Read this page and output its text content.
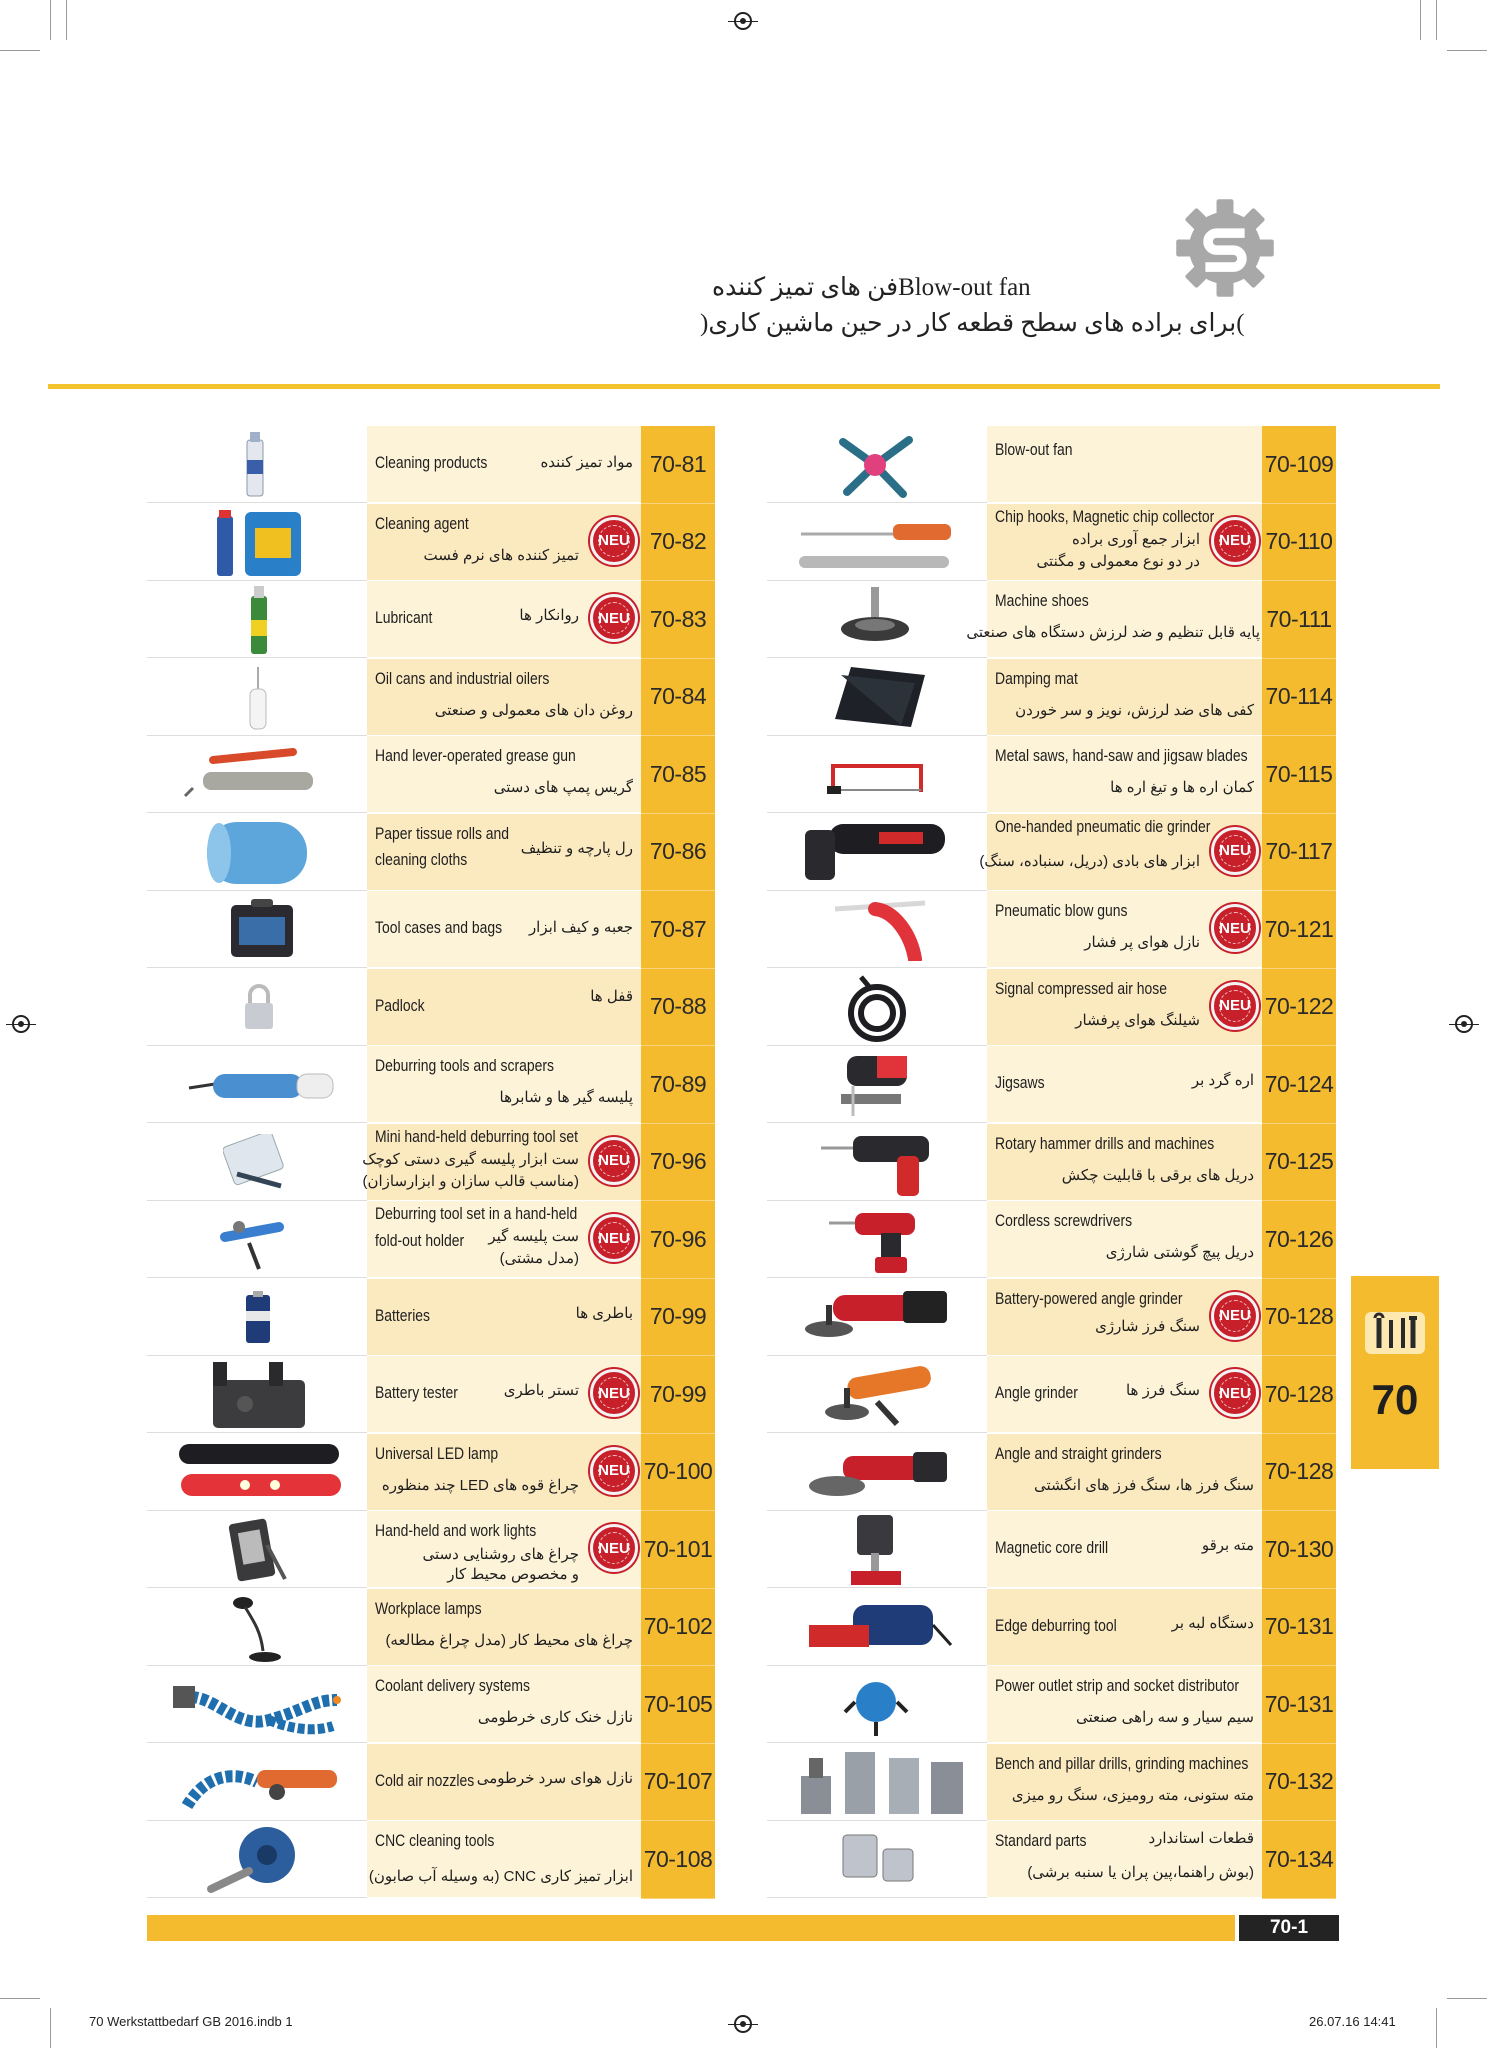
فن های تمیز کنندهBlow-out fan
)برای براده های سطح قطعه کار در حین ماشین کاری(
Cleaning products	مواد تمیز کننده 70-81
Cleaning agent
تمیز کننده های نرم فست
NEU 70-82
Lubricant	روانکار ها	NEU 70-83
Oil cans and industrial oilers
روغن دان های معمولی و صنعتی
70-84
Hand lever-operated grease gun
گریس پمپ های دستی
70-85
Paper tissue rolls and
cleaning cloths
رل پارچه و تنظیف 70-86
Tool cases and bags جعبه و کیف ابزار 70-87
Padlock	قفل ها 70-88
Deburring tools and scrapers
پلیسه گیر ها و شابرها
70-89
Mini hand-held deburring tool set
ست ابزار پلیسه گیری دستی کوچک
(مناسب قالب سازان و ابزارسازان)
NEU 70-96
Deburring tool set in a hand-held
fold-out holder ست پلیسه گیر
(مدل مشتی)
NEU 70-96
Batteries	باطری ها 70-99
Battery tester	تستر باطری	NEU 70-99
Universal LED lamp
چراغ قوه های LED چند منظوره
NEU 70-100
Hand-held and work lights
چراغ های روشنایی دستی
و مخصوص محیط کار
NEU 70-101
Workplace lamps
چراغ های محیط کار (مدل چراغ مطالعه)
70-102
Coolant delivery systems
نازل خنک کاری خرطومی
70-105
Cold air nozzles نازل هوای سرد خرطومی 70-107
CNC cleaning tools
ابزار تمیز کاری CNC (به وسیله آب صابون)
70-108
Blow-out fan
70-109
Chip hooks, Magnetic chip collector
ابزار جمع آوری براده
در دو نوع معمولی و مگنتی
NEU 70-110
Machine shoes
پایه قابل تنظیم و ضد لرزش دستگاه های صنعتی
70-111
Damping mat
کفی های ضد لرزش، نویز و سر خوردن
70-114
Metal saws, hand-saw and jigsaw blades
کمان اره ها و تیغ اره ها
70-115
One-handed pneumatic die grinder
ابزار های بادی (دریل، سنباده، سنگ)
NEU 70-117
Pneumatic blow guns
نازل هوای پر فشار
NEU 70-121
Signal compressed air hose
شیلنگ هوای پرفشار
NEU 70-122
Jigsaws	اره گرد بر 70-124
Rotary hammer drills and machines
دریل های برقی با قابلیت چکش
70-125
Cordless screwdrivers
دریل پیچ گوشتی شارژی
70-126
Battery-powered angle grinder
سنگ فرز شارژی
NEU 70-128
Angle grinder	سنگ فرز ها	NEU 70-128
Angle and straight grinders
سنگ فرز ها، سنگ فرز های انگشتی
70-128
Magnetic core drill	مته برقو 70-130
Edge deburring tool	دستگاه لبه بر 70-131
Power outlet strip and socket distributor
سیم سیار و سه راهی صنعتی
70-131
Bench and pillar drills, grinding machines
مته ستونی، مته رومیزی، سنگ رو میزی
70-132
Standard parts	قطعات استاندارد
(بوش راهنما،پین پران یا سنبه برشی)
70-134
70
70-1
70 Werkstattbedarf GB 2016.indb 1	26.07.16 14:41
